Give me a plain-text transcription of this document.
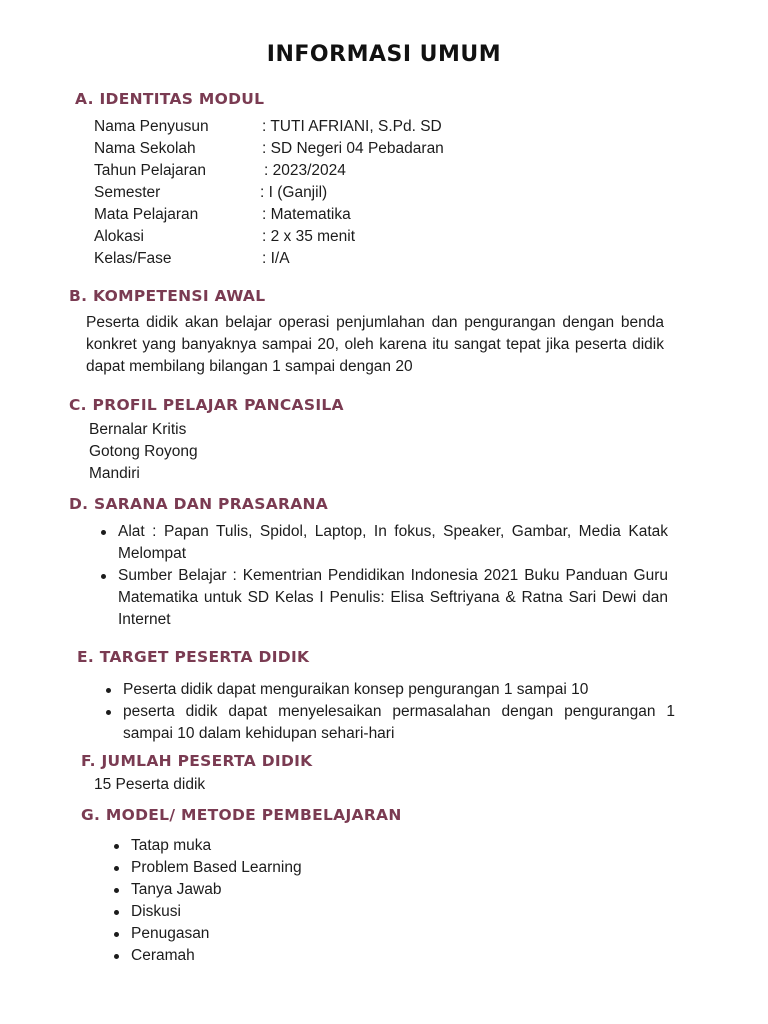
INFORMASI UMUM
A. IDENTITAS MODUL
Nama Penyusun	: TUTI AFRIANI, S.Pd. SD
Nama Sekolah	: SD Negeri 04 Pebadaran
Tahun Pelajaran	: 2023/2024
Semester	: I (Ganjil)
Mata Pelajaran	: Matematika
Alokasi	: 2 x 35 menit
Kelas/Fase	: I/A
B. KOMPETENSI AWAL
Peserta didik akan belajar operasi penjumlahan dan pengurangan dengan benda konkret yang banyaknya sampai 20, oleh karena itu sangat tepat jika peserta didik dapat membilang bilangan 1 sampai dengan 20
C. PROFIL PELAJAR PANCASILA
Bernalar Kritis
Gotong Royong
Mandiri
D. SARANA DAN PRASARANA
Alat : Papan Tulis, Spidol, Laptop, In fokus, Speaker, Gambar, Media Katak Melompat
Sumber Belajar : Kementrian Pendidikan Indonesia 2021 Buku Panduan Guru Matematika untuk SD Kelas I Penulis: Elisa Seftriyana & Ratna Sari Dewi dan Internet
E. TARGET PESERTA DIDIK
Peserta didik dapat menguraikan konsep pengurangan 1 sampai 10
peserta didik dapat menyelesaikan permasalahan dengan pengurangan 1 sampai 10 dalam kehidupan sehari-hari
F. JUMLAH PESERTA DIDIK
15 Peserta didik
G. MODEL/ METODE PEMBELAJARAN
Tatap muka
Problem Based Learning
Tanya Jawab
Diskusi
Penugasan
Ceramah
